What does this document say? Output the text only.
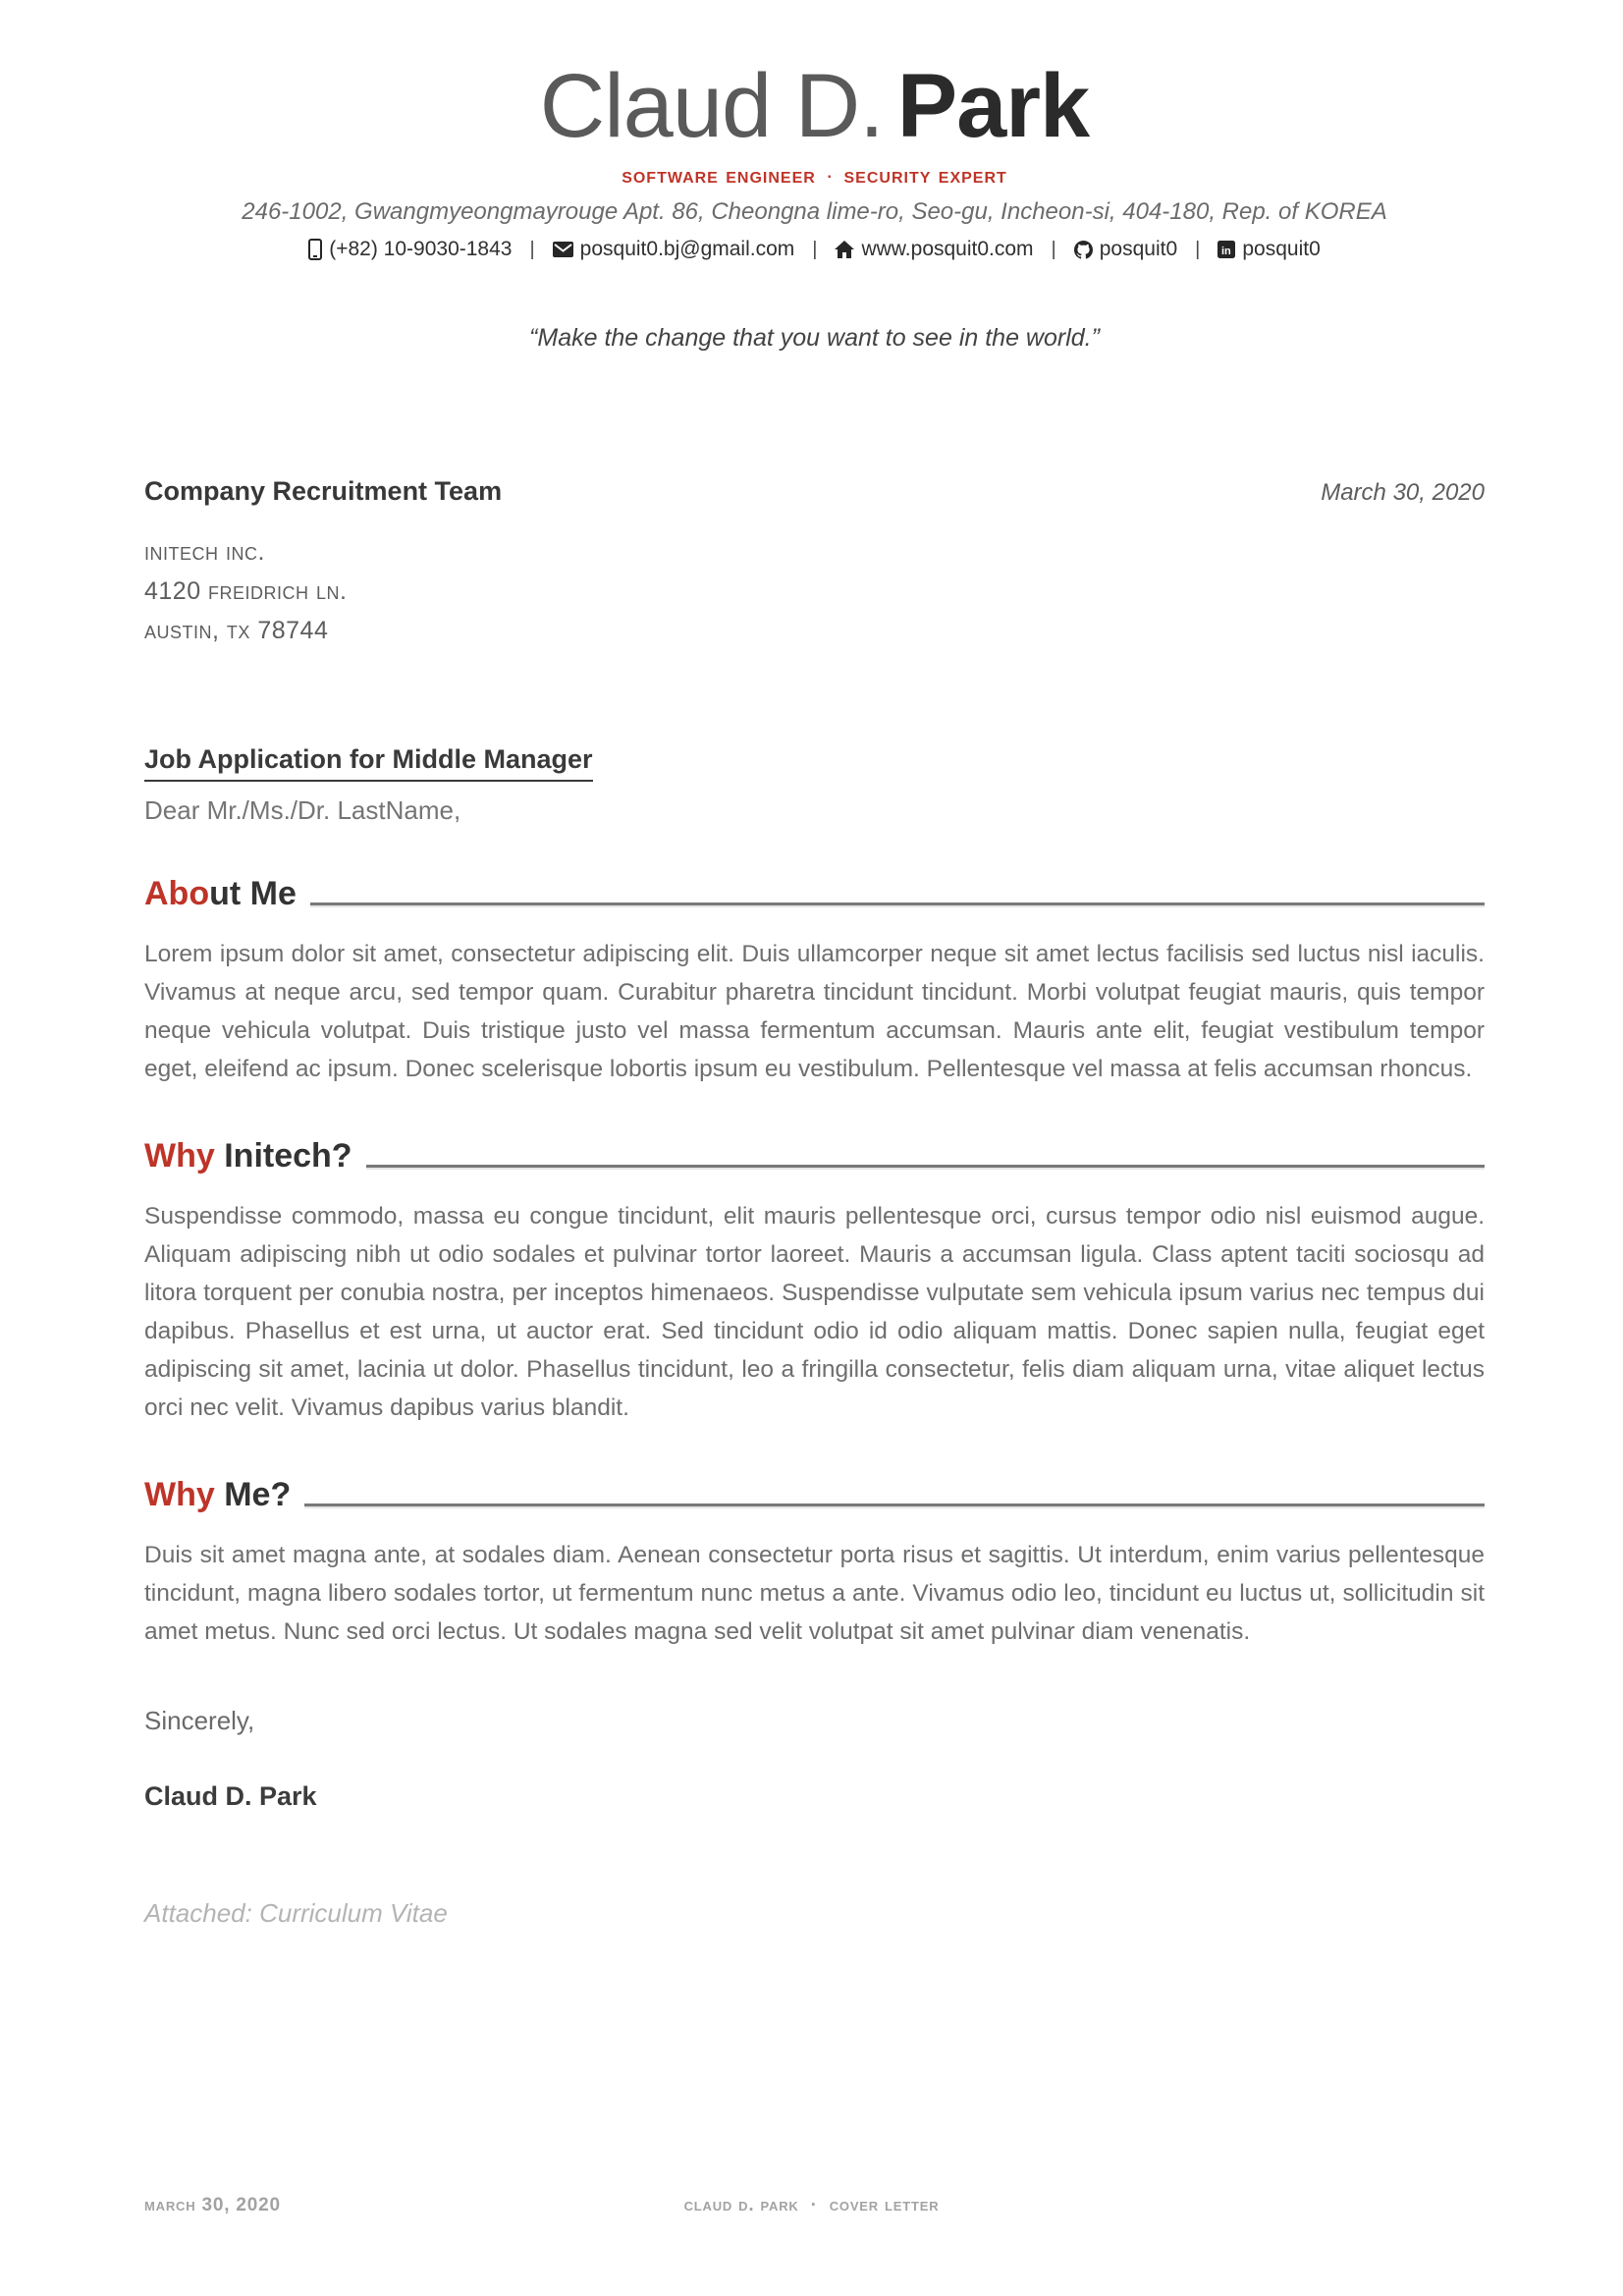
Claud D. Park
software engineer · security expert
246-1002, Gwangmyeongmayrouge Apt. 86, Cheongna lime-ro, Seo-gu, Incheon-si, 404-180, Rep. of KOREA
(+82) 10-9030-1843 | posquit0.bj@gmail.com | www.posquit0.com | posquit0 | in posquit0
“Make the change that you want to see in the world.”
Company Recruitment Team	March 30, 2020
initech inc.
4120 freidrich ln.
austin, tx 78744
Job Application for Middle Manager
Dear Mr./Ms./Dr. LastName,
About Me
Lorem ipsum dolor sit amet, consectetur adipiscing elit. Duis ullamcorper neque sit amet lectus facilisis sed luctus nisl iaculis. Vivamus at neque arcu, sed tempor quam. Curabitur pharetra tincidunt tincidunt. Morbi volutpat feugiat mauris, quis tempor neque vehicula volutpat. Duis tristique justo vel massa fermentum accumsan. Mauris ante elit, feugiat vestibulum tempor eget, eleifend ac ipsum. Donec scelerisque lobortis ipsum eu vestibulum. Pellentesque vel massa at felis accumsan rhoncus.
Why Initech?
Suspendisse commodo, massa eu congue tincidunt, elit mauris pellentesque orci, cursus tempor odio nisl euismod augue. Aliquam adipiscing nibh ut odio sodales et pulvinar tortor laoreet. Mauris a accumsan ligula. Class aptent taciti sociosqu ad litora torquent per conubia nostra, per inceptos himenaeos. Suspendisse vulputate sem vehicula ipsum varius nec tempus dui dapibus. Phasellus et est urna, ut auctor erat. Sed tincidunt odio id odio aliquam mattis. Donec sapien nulla, feugiat eget adipiscing sit amet, lacinia ut dolor. Phasellus tincidunt, leo a fringilla consectetur, felis diam aliquam urna, vitae aliquet lectus orci nec velit. Vivamus dapibus varius blandit.
Why Me?
Duis sit amet magna ante, at sodales diam. Aenean consectetur porta risus et sagittis. Ut interdum, enim varius pellentesque tincidunt, magna libero sodales tortor, ut fermentum nunc metus a ante. Vivamus odio leo, tincidunt eu luctus ut, sollicitudin sit amet metus. Nunc sed orci lectus. Ut sodales magna sed velit volutpat sit amet pulvinar diam venenatis.
Sincerely,
Claud D. Park
Attached: Curriculum Vitae
march 30, 2020	claud d. park · cover letter
